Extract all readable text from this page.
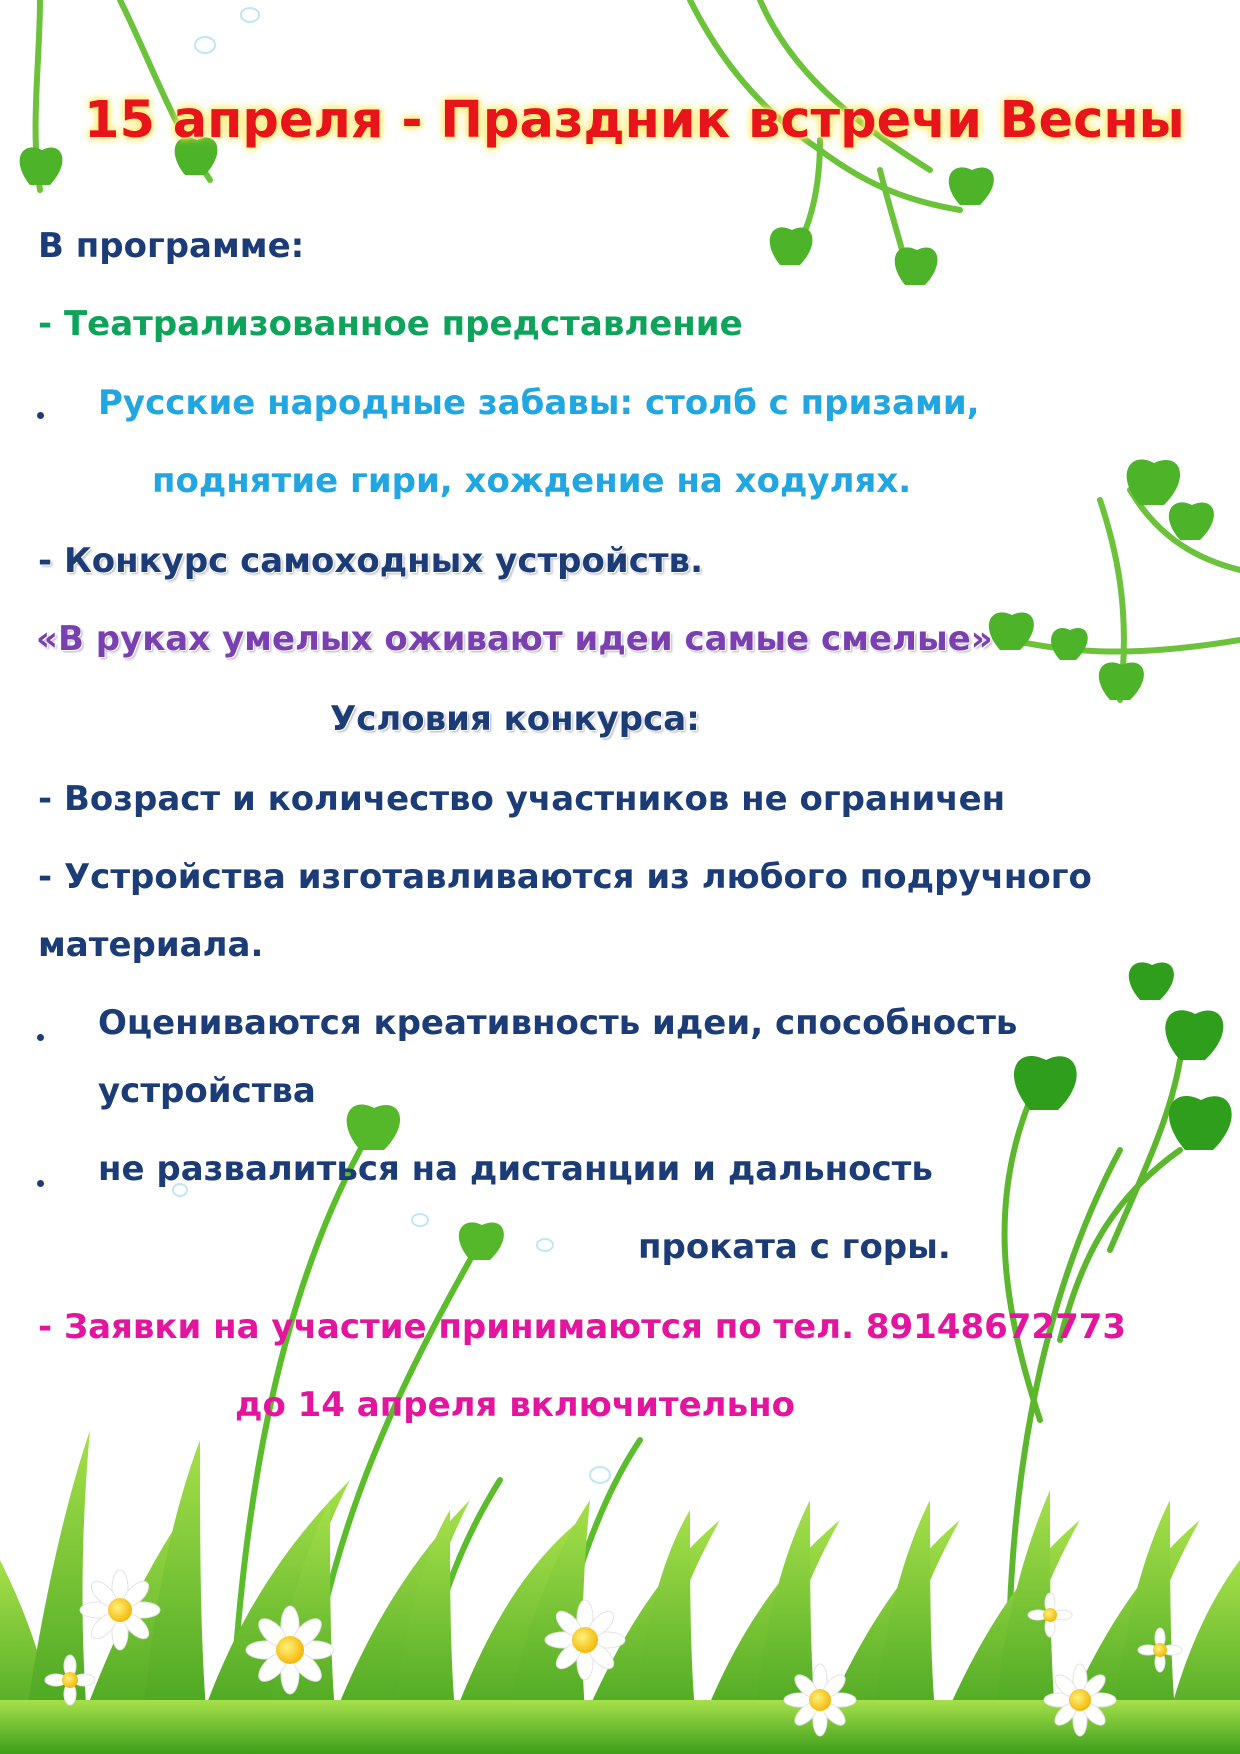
15 апреля - Праздник встречи Весны

В программе:

- Театрализованное представление

Русские народные забавы: столб с призами,

поднятие гири, хождение на ходулях.

- Конкурс самоходных устройств.

«В руках умелых оживают идеи самые смелые»

Условия конкурса:

- Возраст и количество участников не ограничен

- Устройства изготавливаются из любого подручного

материала.

Оцениваются креативность идеи, способность

устройства

не развалиться на дистанции и дальность

проката с горы.

- Заявки на участие принимаются по тел. 89148672773

до 14 апреля включительно
